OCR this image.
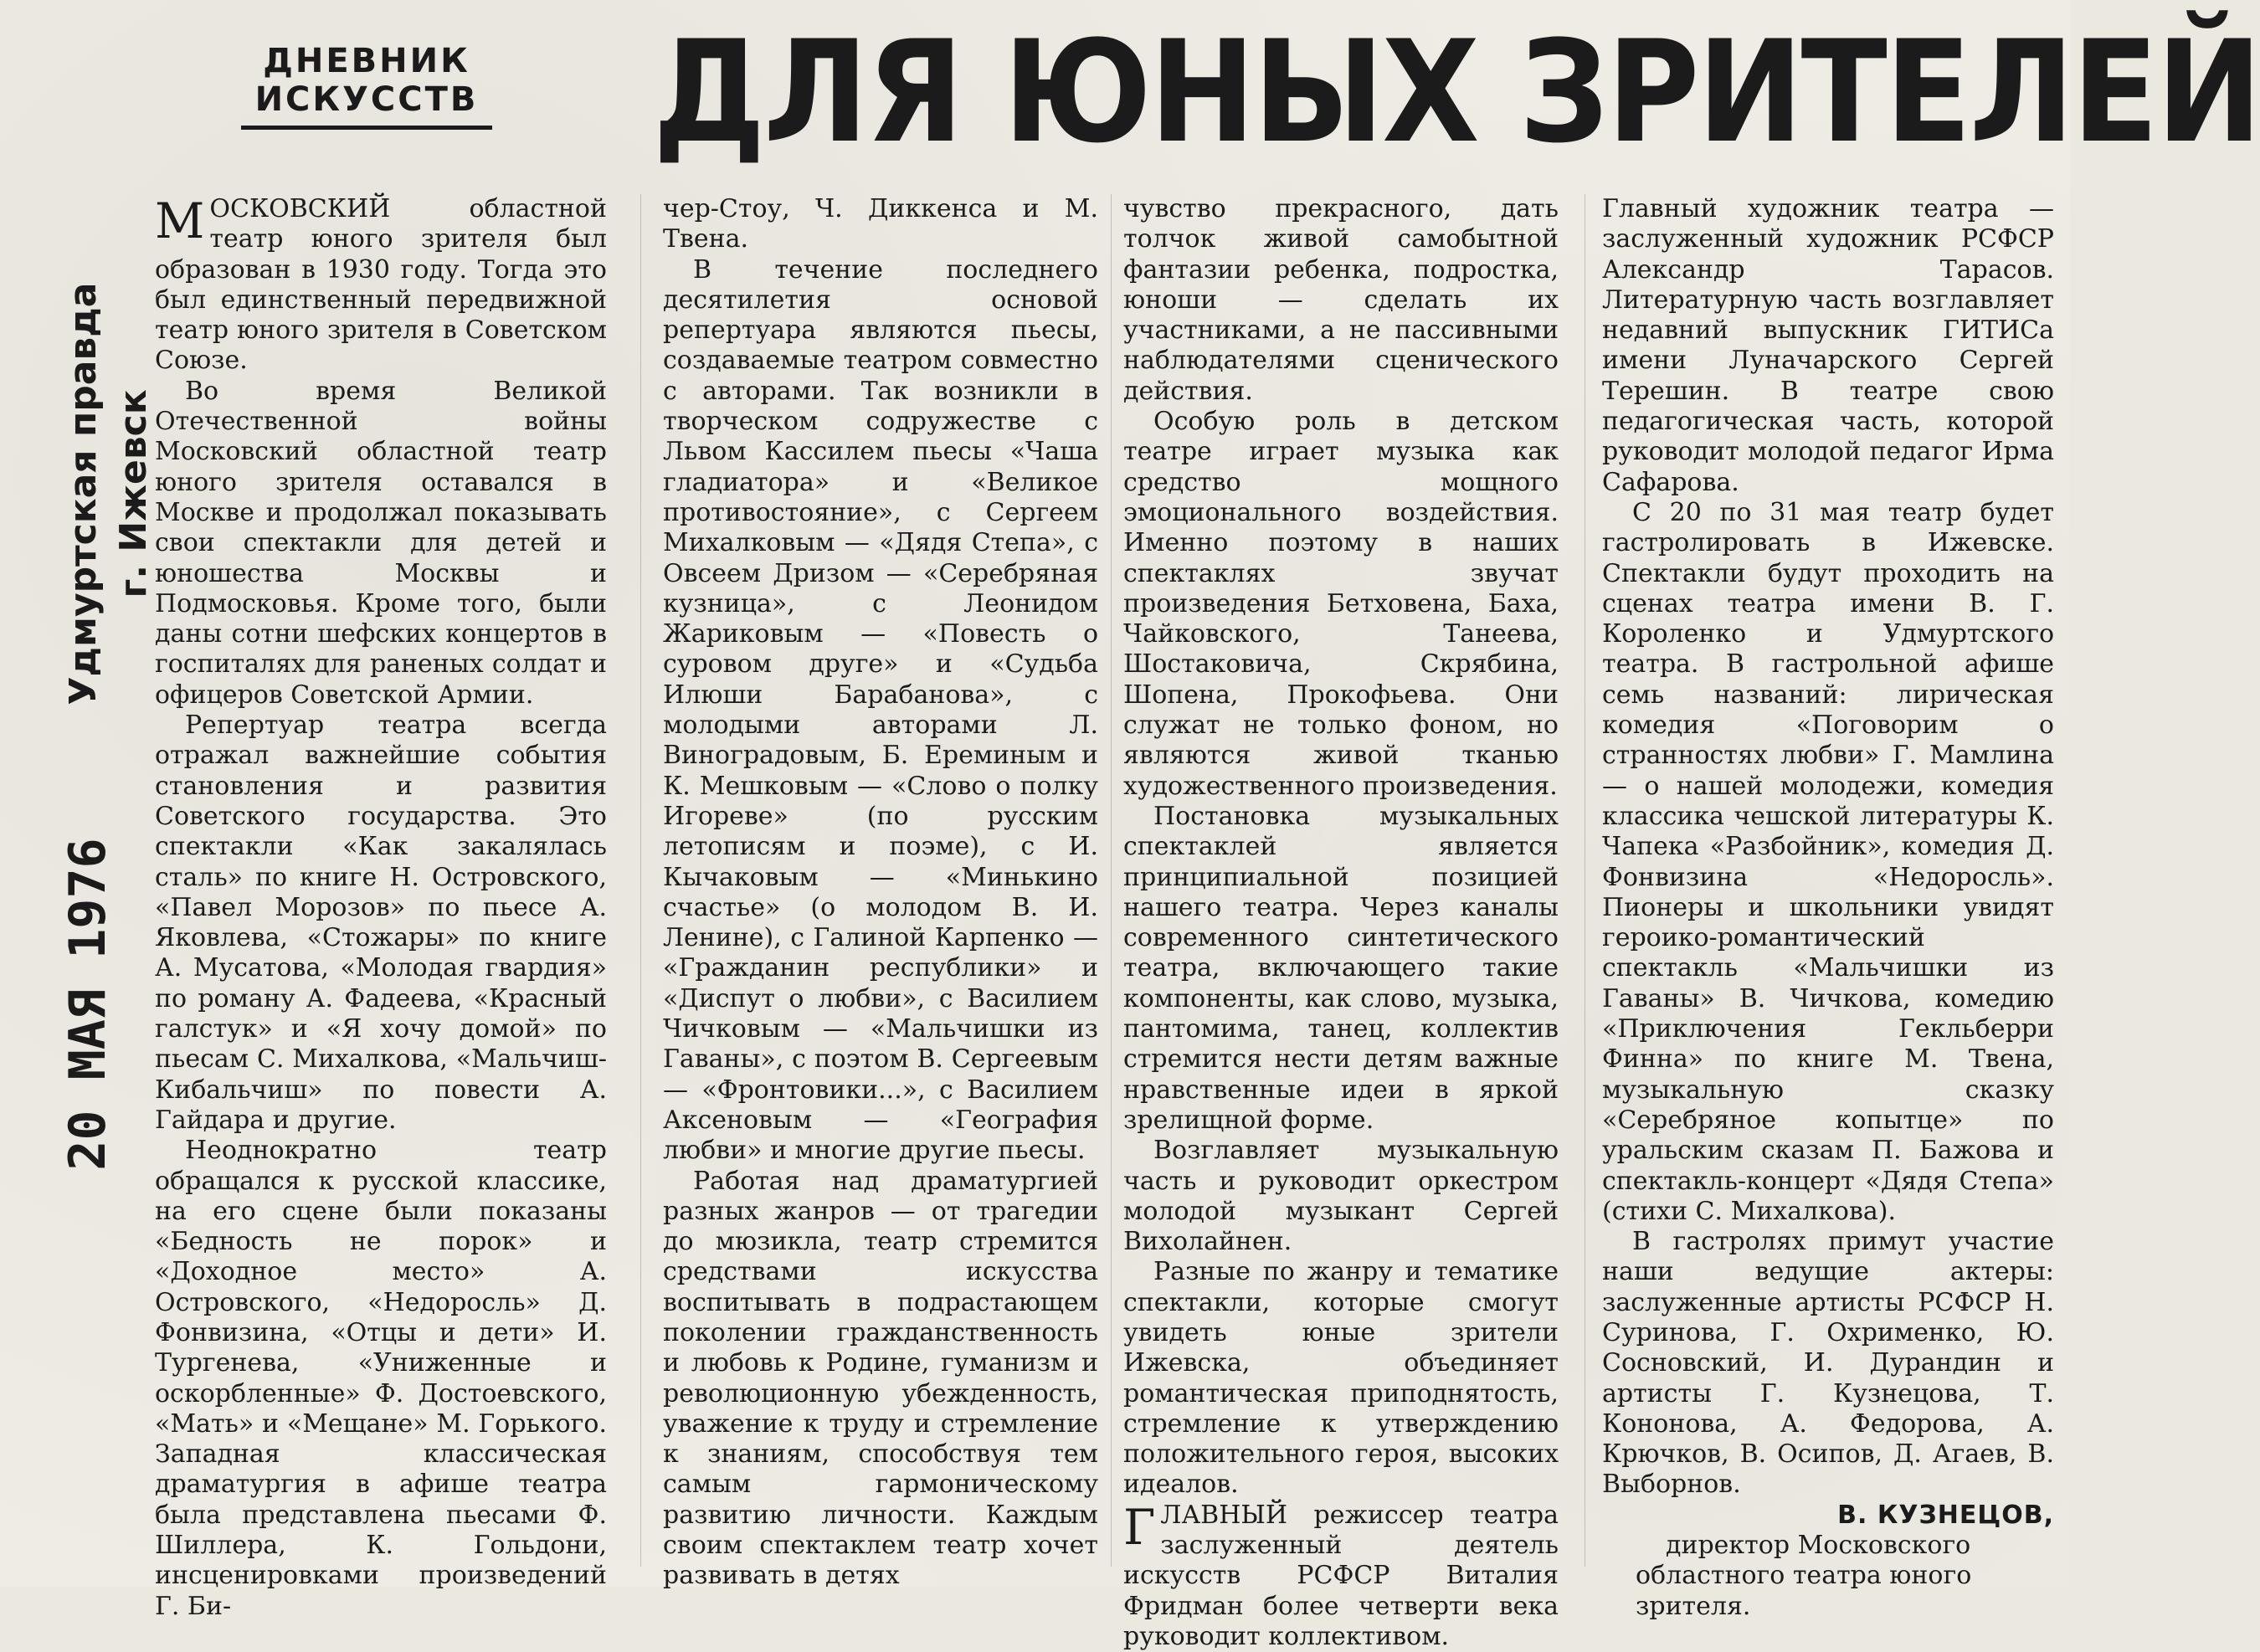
ДНЕВНИК ИСКУССТВ ДЛЯ ЮНЫХ ЗРИТЕЛЕЙ
Удмуртская правда г. Ижевск
20 МАЯ 1976

МОСКОВСКИЙ областной театр юного зрителя был образован в 1930 году. Тогда это был единственный передвижной театр юного зрителя в Советском Союзе.

Во время Великой Отечественной войны Московский областной театр юного зрителя оставался в Москве и продолжал показывать свои спектакли для детей и юношества Москвы и Подмосковья. Кроме того, были даны сотни шефских концертов в госпиталях для раненых солдат и офицеров Советской Армии.

Репертуар театра всегда отражал важнейшие события становления и развития Советского государства. Это спектакли «Как закалялась сталь» по книге Н. Островского, «Павел Морозов» по пьесе А. Яковлева, «Стожары» по книге А. Мусатова, «Молодая гвардия» по роману А. Фадеева, «Красный галстук» и «Я хочу домой» по пьесам С. Михалкова, «Мальчиш-Кибальчиш» по повести А. Гайдара и другие.

Неоднократно театр обращался к русской классике, на его сцене были показаны «Бедность не порок» и «Доходное место» А. Островского, «Недоросль» Д. Фонвизина, «Отцы и дети» И. Тургенева, «Униженные и оскорбленные» Ф. Достоевского, «Мать» и «Мещане» М. Горького. Западная классическая драматургия в афише театра была представлена пьесами Ф. Шиллера, К. Гольдони, инсценировками произведений Г. Би-

чер-Стоу, Ч. Диккенса и М. Твена.

В течение последнего десятилетия основой репертуара являются пьесы, создаваемые театром совместно с авторами. Так возникли в творческом содружестве с Львом Кассилем пьесы «Чаша гладиатора» и «Великое противостояние», с Сергеем Михалковым — «Дядя Степа», с Овсеем Дризом — «Серебряная кузница», с Леонидом Жариковым — «Повесть о суровом друге» и «Судьба Илюши Барабанова», с молодыми авторами Л. Виноградовым, Б. Ереминым и К. Мешковым — «Слово о полку Игореве» (по русским летописям и поэме), с И. Кычаковым — «Минькино счастье» (о молодом В. И. Ленине), с Галиной Карпенко — «Гражданин республики» и «Диспут о любви», с Василием Чичковым — «Мальчишки из Гаваны», с поэтом В. Сергеевым — «Фронтовики...», с Василием Аксеновым — «География любви» и многие другие пьесы.

Работая над драматургией разных жанров — от трагедии до мюзикла, театр стремится средствами искусства воспитывать в подрастающем поколении гражданственность и любовь к Родине, гуманизм и революционную убежденность, уважение к труду и стремление к знаниям, способствуя тем самым гармоническому развитию личности. Каждым своим спектаклем театр хочет развивать в детях

чувство прекрасного, дать толчок живой самобытной фантазии ребенка, подростка, юноши — сделать их участниками, а не пассивными наблюдателями сценического действия.

Особую роль в детском театре играет музыка как средство мощного эмоционального воздействия. Именно поэтому в наших спектаклях звучат произведения Бетховена, Баха, Чайковского, Танеева, Шостаковича, Скрябина, Шопена, Прокофьева. Они служат не только фоном, но являются живой тканью художественного произведения.

Постановка музыкальных спектаклей является принципиальной позицией нашего театра. Через каналы современного синтетического театра, включающего такие компоненты, как слово, музыка, пантомима, танец, коллектив стремится нести детям важные нравственные идеи в яркой зрелищной форме.

Возглавляет музыкальную часть и руководит оркестром молодой музыкант Сергей Вихолайнен.

Разные по жанру и тематике спектакли, которые смогут увидеть юные зрители Ижевска, объединяет романтическая приподнятость, стремление к утверждению положительного героя, высоких идеалов.

ГЛАВНЫЙ режиссер театра заслуженный деятель искусств РСФСР Виталия Фридман более четверти века руководит коллективом.

Главный художник театра — заслуженный художник РСФСР Александр Тарасов. Литературную часть возглавляет недавний выпускник ГИТИСа имени Луначарского Сергей Терешин. В театре свою педагогическая часть, которой руководит молодой педагог Ирма Сафарова.

С 20 по 31 мая театр будет гастролировать в Ижевске. Спектакли будут проходить на сценах театра имени В. Г. Короленко и Удмуртского театра. В гастрольной афише семь названий: лирическая комедия «Поговорим о странностях любви» Г. Мамлина — о нашей молодежи, комедия классика чешской литературы К. Чапека «Разбойник», комедия Д. Фонвизина «Недоросль». Пионеры и школьники увидят героико-романтический спектакль «Мальчишки из Гаваны» В. Чичкова, комедию «Приключения Гекльберри Финна» по книге М. Твена, музыкальную сказку «Серебряное копытце» по уральским сказам П. Бажова и спектакль-концерт «Дядя Степа» (стихи С. Михалкова).

В гастролях примут участие наши ведущие актеры: заслуженные артисты РСФСР Н. Суринова, Г. Охрименко, Ю. Сосновский, И. Дурандин и артисты Г. Кузнецова, Т. Кононова, А. Федорова, А. Крючков, В. Осипов, Д. Агаев, В. Выборнов.

В. КУЗНЕЦОВ,

директор Московского областного театра юного зрителя.
